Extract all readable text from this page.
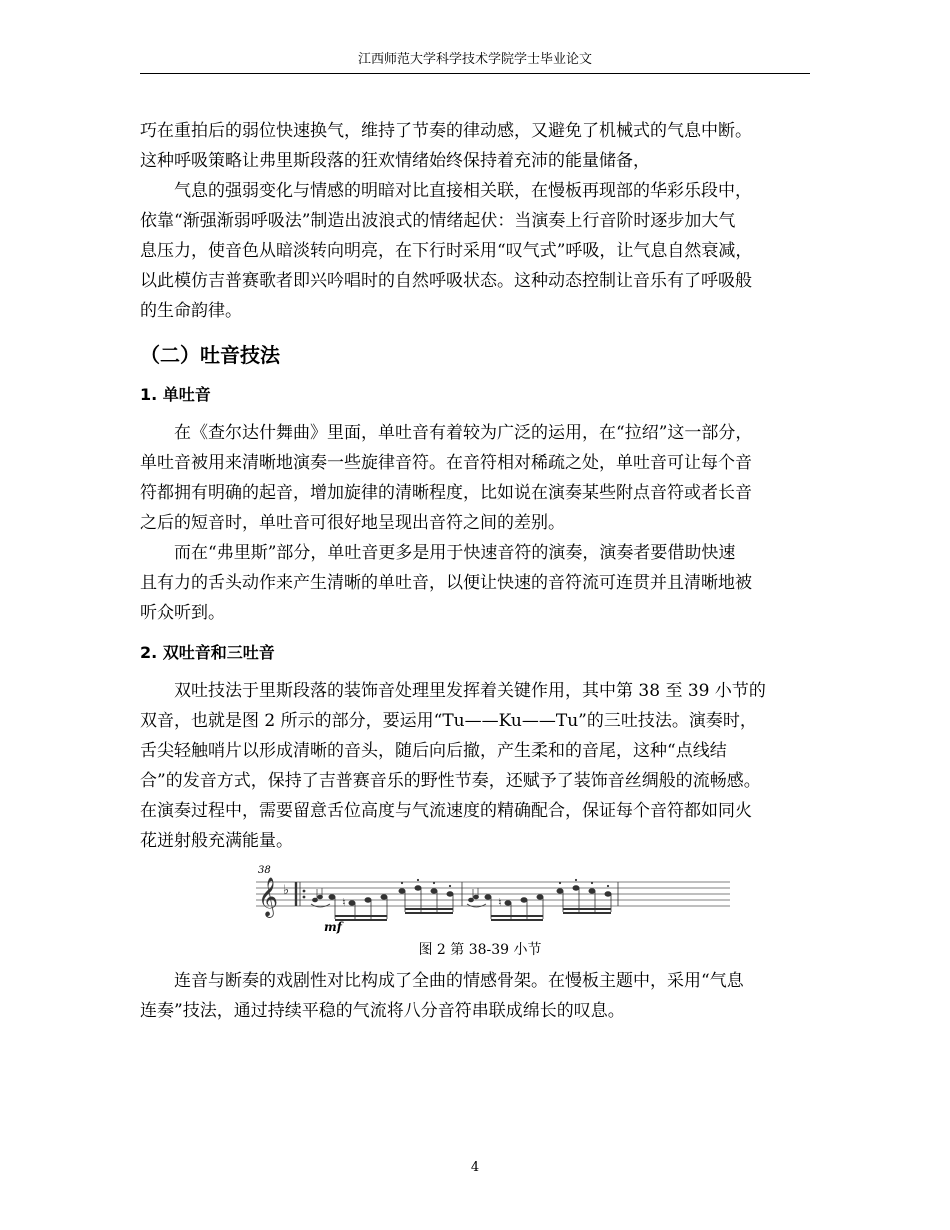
江西师范大学科学技术学院学士毕业论文

巧在重拍后的弱位快速换气，维持了节奏的律动感，又避免了机械式的气息中断。
这种呼吸策略让弗里斯段落的狂欢情绪始终保持着充沛的能量储备，

气息的强弱变化与情感的明暗对比直接相关联，在慢板再现部的华彩乐段中，
依靠“渐强渐弱呼吸法”制造出波浪式的情绪起伏：当演奏上行音阶时逐步加大气
息压力，使音色从暗淡转向明亮，在下行时采用“叹气式”呼吸，让气息自然衰减，
以此模仿吉普赛歌者即兴吟唱时的自然呼吸状态。这种动态控制让音乐有了呼吸般
的生命韵律。

（二）吐音技法
1. 单吐音

在《查尔达什舞曲》里面，单吐音有着较为广泛的运用，在“拉绍”这一部分，
单吐音被用来清晰地演奏一些旋律音符。在音符相对稀疏之处，单吐音可让每个音
符都拥有明确的起音，增加旋律的清晰程度，比如说在演奏某些附点音符或者长音
之后的短音时，单吐音可很好地呈现出音符之间的差别。

而在“弗里斯”部分，单吐音更多是用于快速音符的演奏，演奏者要借助快速
且有力的舌头动作来产生清晰的单吐音，以便让快速的音符流可连贯并且清晰地被
听众听到。

2. 双吐音和三吐音

双吐技法于里斯段落的装饰音处理里发挥着关键作用，其中第 38 至 39 小节的
双音，也就是图 2 所示的部分，要运用“Tu——Ku——Tu”的三吐技法。演奏时，
舌尖轻触哨片以形成清晰的音头，随后向后撤，产生柔和的音尾，这种“点线结
合”的发音方式，保持了吉普赛音乐的野性节奏，还赋予了装饰音丝绸般的流畅感。
在演奏过程中，需要留意舌位高度与气流速度的精确配合，保证每个音符都如同火
花迸射般充满能量。

38
𝄞 ♭
♮
mf
♮

图 2 第 38-39 小节

连音与断奏的戏剧性对比构成了全曲的情感骨架。在慢板主题中，采用“气息
连奏”技法，通过持续平稳的气流将八分音符串联成绵长的叹息。

4
